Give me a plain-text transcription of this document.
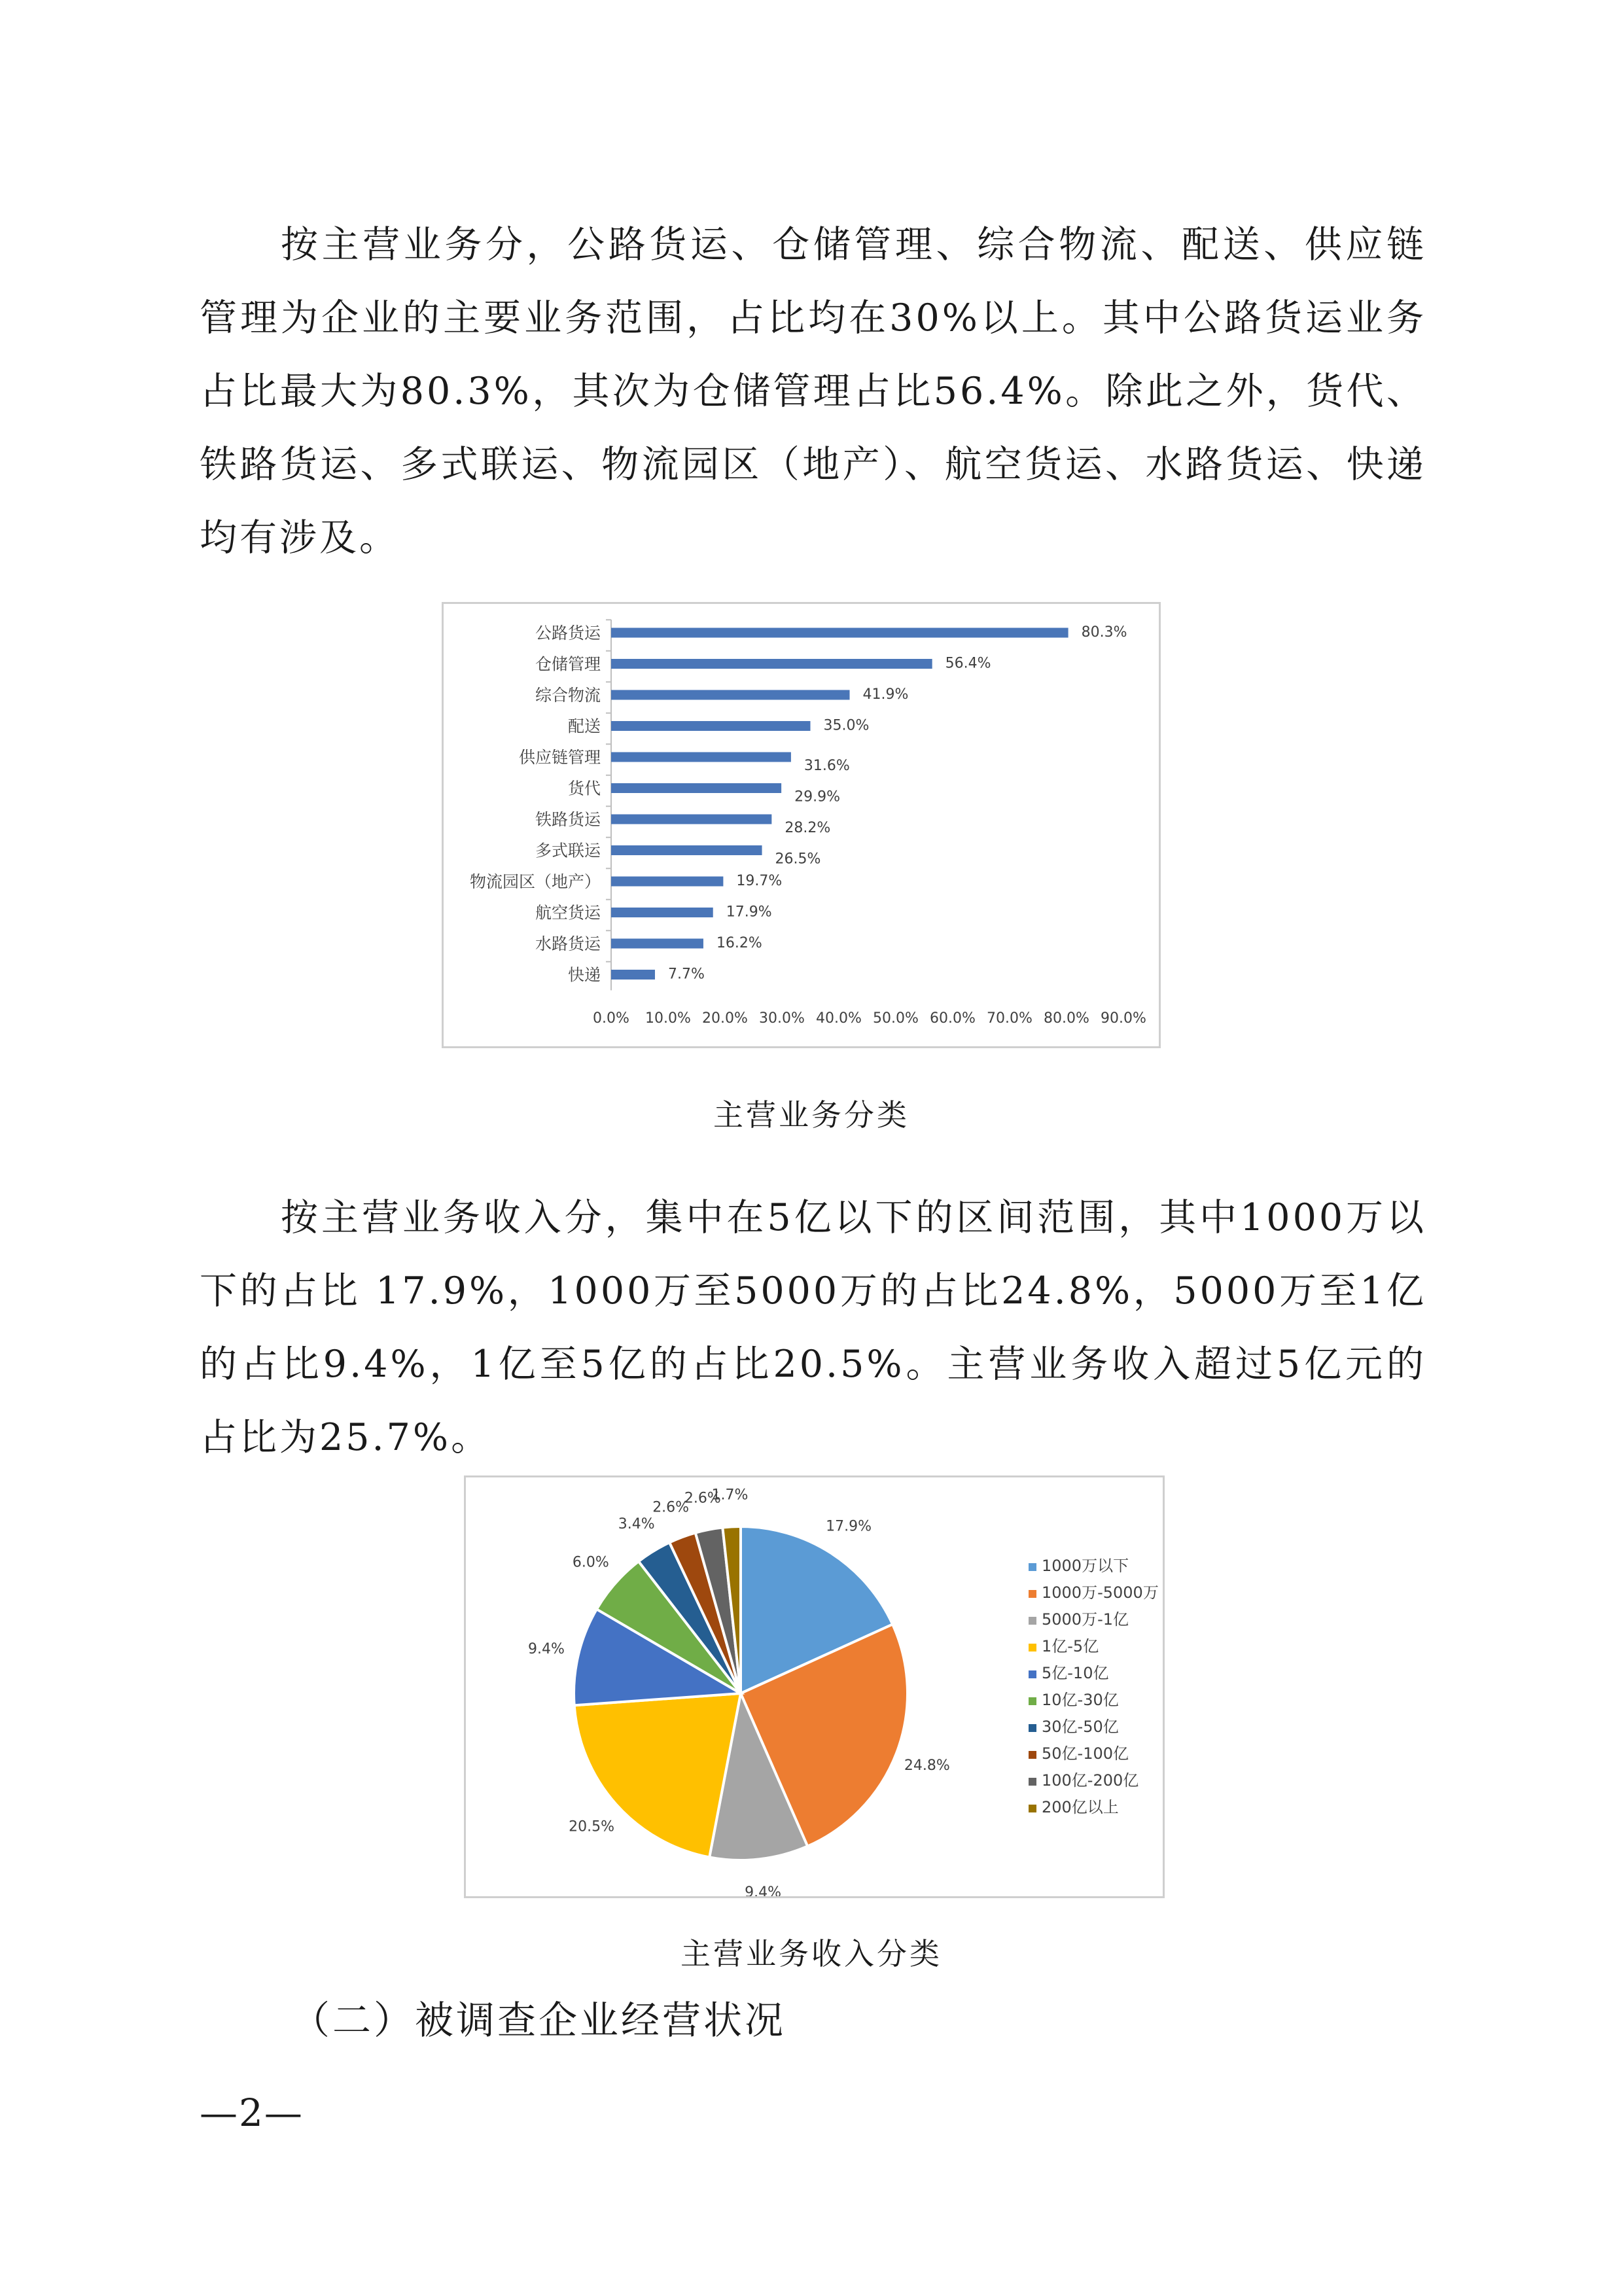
按主营业务分，公路货运、仓储管理、综合物流、配送、供应链管理为企业的主要业务范围，占比均在30%以上。其中公路货运业务占比最大为80.3%，其次为仓储管理占比56.4%。除此之外，货代、铁路货运、多式联运、物流园区（地产）、航空货运、水路货运、快递均有涉及。

公路货运	80.3%
仓储管理	56.4%
综合物流	41.9%
配送	35.0%
供应链管理	31.6%
货代	29.9%
铁路货运	28.2%
多式联运	26.5%
物流园区（地产）	19.7%
航空货运	17.9%
水路货运	16.2%
快递	7.7%
0.0% 10.0% 20.0% 30.0% 40.0% 50.0% 60.0% 70.0% 80.0% 90.0%
主营业务分类

按主营业务收入分，集中在5亿以下的区间范围，其中1000万以下的占比 17.9%，1000万至5000万的占比24.8%，5000万至1亿的占比9.4%，1亿至5亿的占比20.5%。主营业务收入超过5亿元的占比为25.7%。

17.9%
24.8%
9.4%
20.5%
9.4%
6.0%
3.4%
2.6%
2.6%
1.7%
1000万以下
1000万-5000万
5000万-1亿
1亿-5亿
5亿-10亿
10亿-30亿
30亿-50亿
50亿-100亿
100亿-200亿
200亿以上
主营业务收入分类
（二）被调查企业经营状况
—2—
